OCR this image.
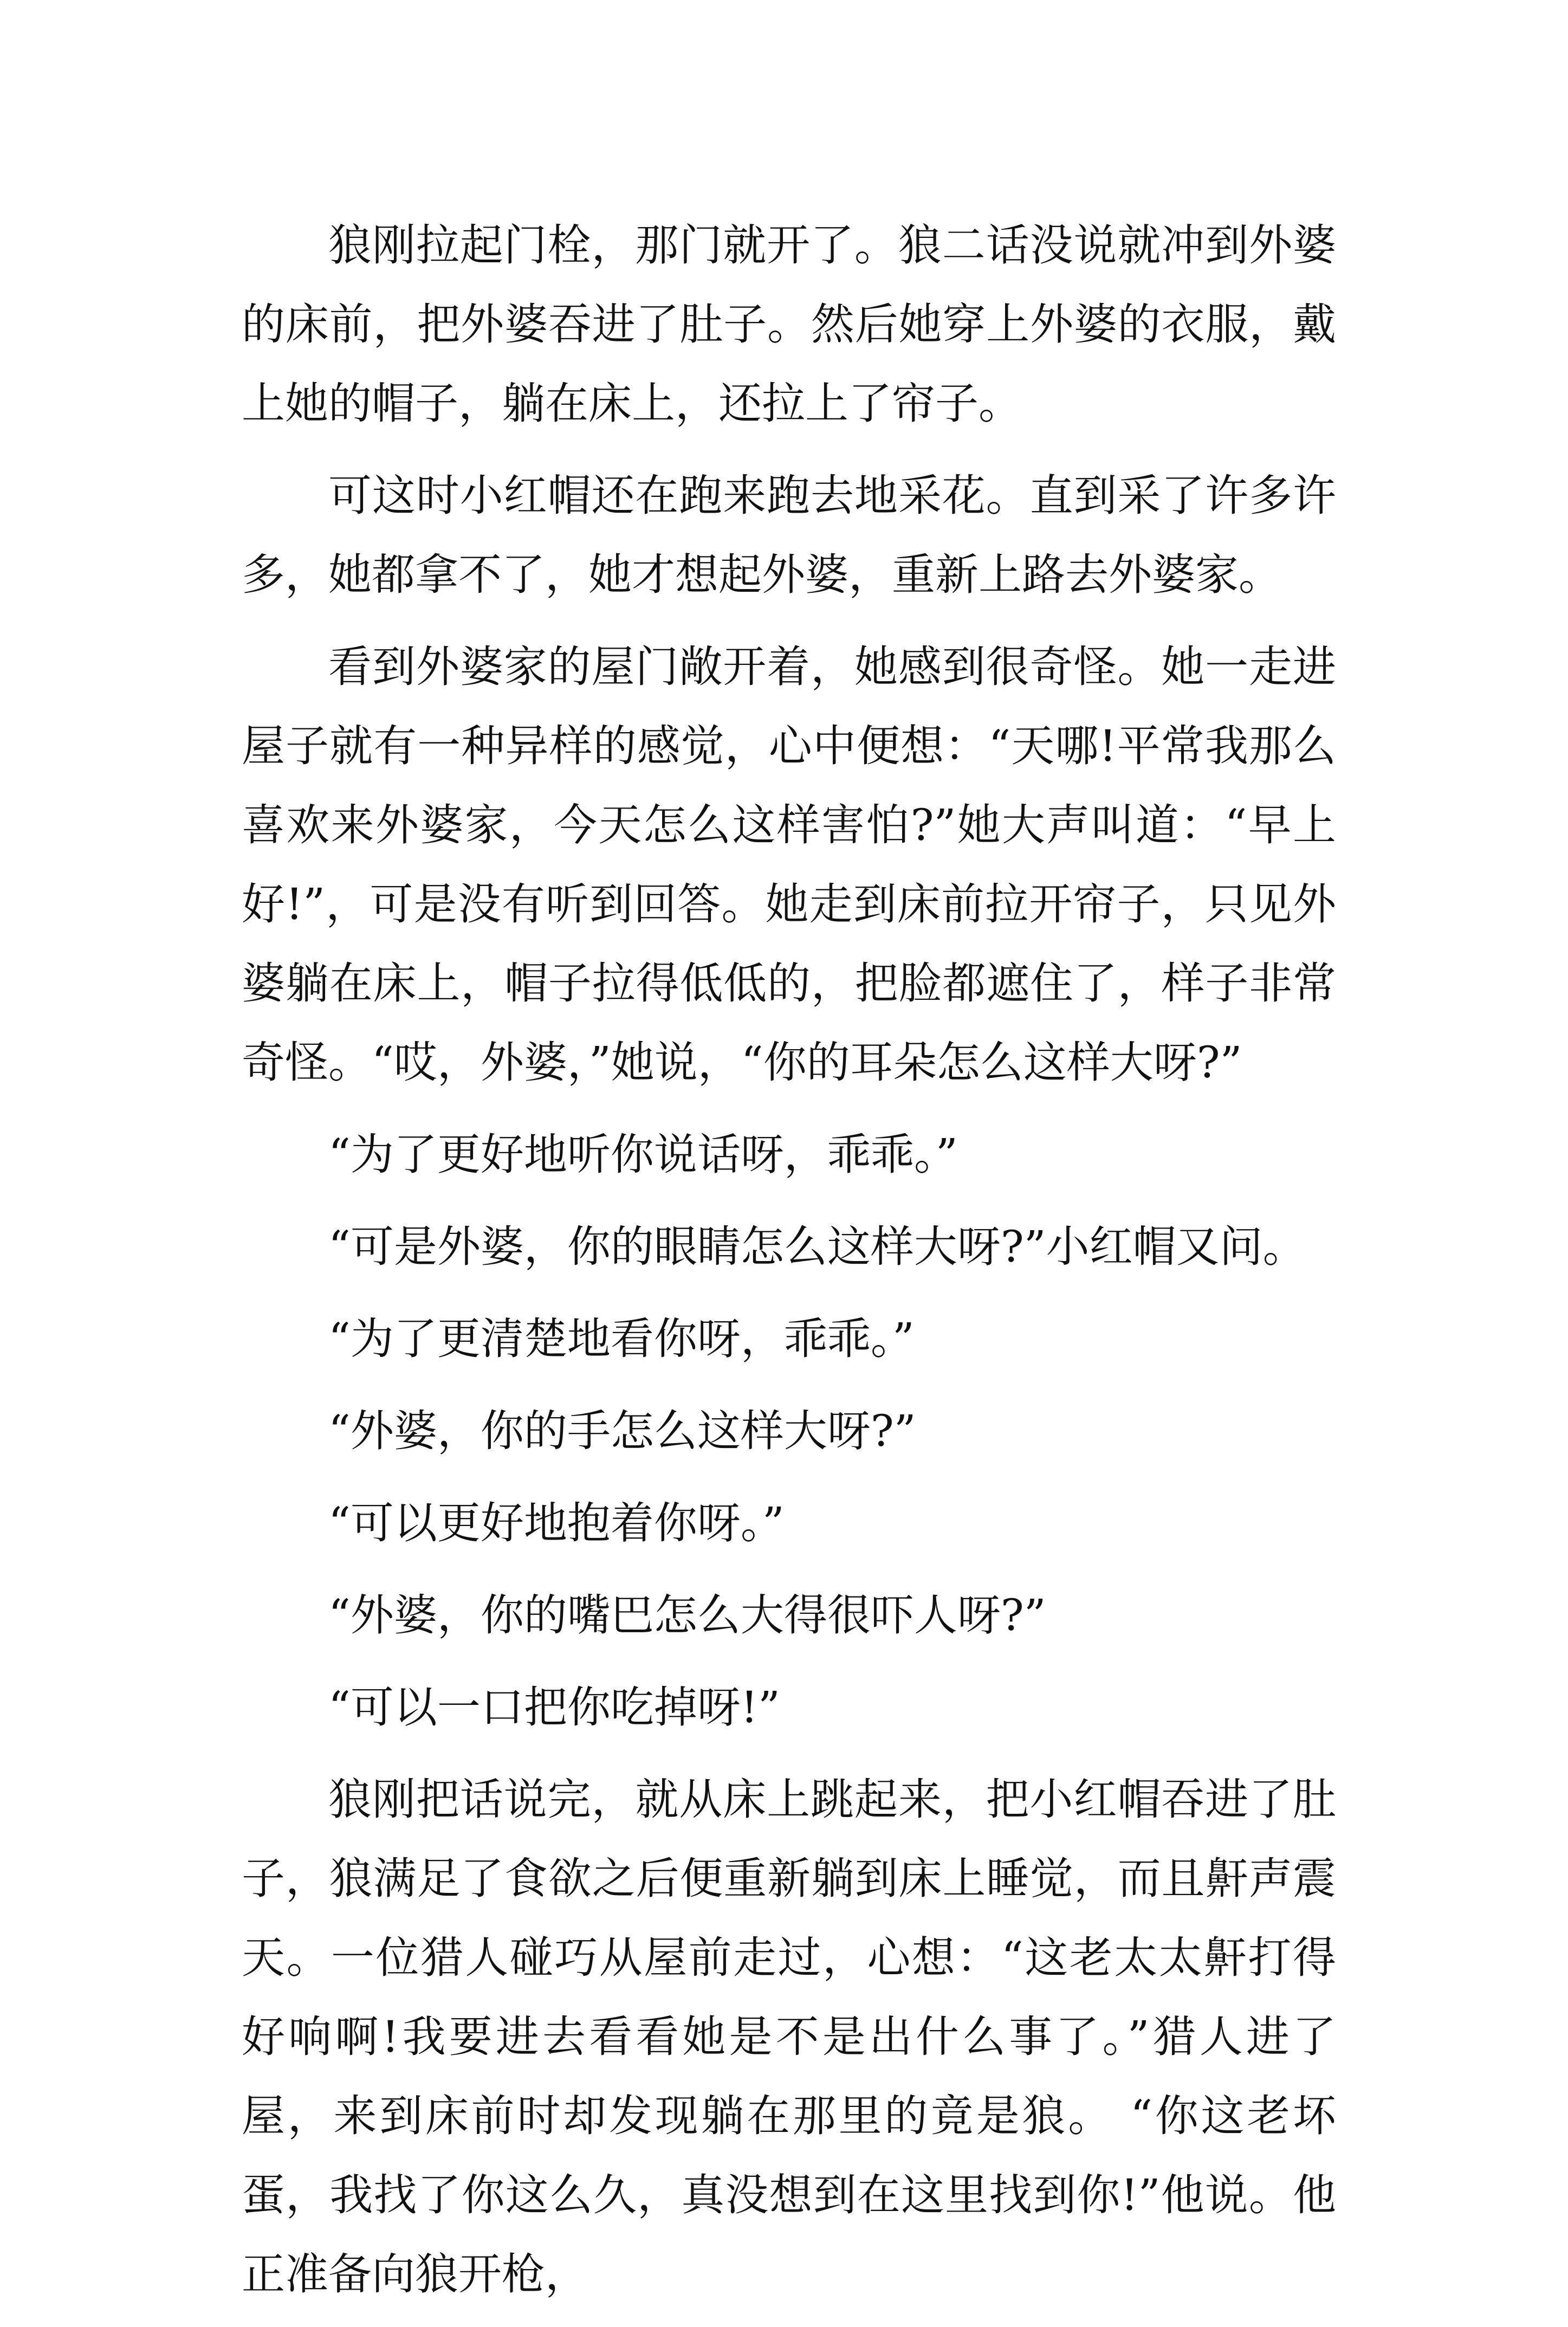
狼刚拉起门栓，那门就开了。狼二话没说就冲到外婆的床前，把外婆吞进了肚子。然后她穿上外婆的衣服，戴上她的帽子，躺在床上，还拉上了帘子。

可这时小红帽还在跑来跑去地采花。直到采了许多许多，她都拿不了，她才想起外婆，重新上路去外婆家。

看到外婆家的屋门敞开着，她感到很奇怪。她一走进屋子就有一种异样的感觉，心中便想：“天哪!平常我那么喜欢来外婆家，今天怎么这样害怕?”她大声叫道：“早上好!”，可是没有听到回答。她走到床前拉开帘子，只见外婆躺在床上，帽子拉得低低的，把脸都遮住了，样子非常奇怪。“哎，外婆，”她说，“你的耳朵怎么这样大呀?”

“为了更好地听你说话呀，乖乖。”

“可是外婆，你的眼睛怎么这样大呀?”小红帽又问。

“为了更清楚地看你呀，乖乖。”

“外婆，你的手怎么这样大呀?”

“可以更好地抱着你呀。”

“外婆，你的嘴巴怎么大得很吓人呀?”

“可以一口把你吃掉呀!”

狼刚把话说完，就从床上跳起来，把小红帽吞进了肚子，狼满足了食欲之后便重新躺到床上睡觉，而且鼾声震天。一位猎人碰巧从屋前走过，心想：“这老太太鼾打得好响啊!我要进去看看她是不是出什么事了。”猎人进了屋，来到床前时却发现躺在那里的竟是狼。 “你这老坏蛋，我找了你这么久，真没想到在这里找到你!”他说。他正准备向狼开枪，
